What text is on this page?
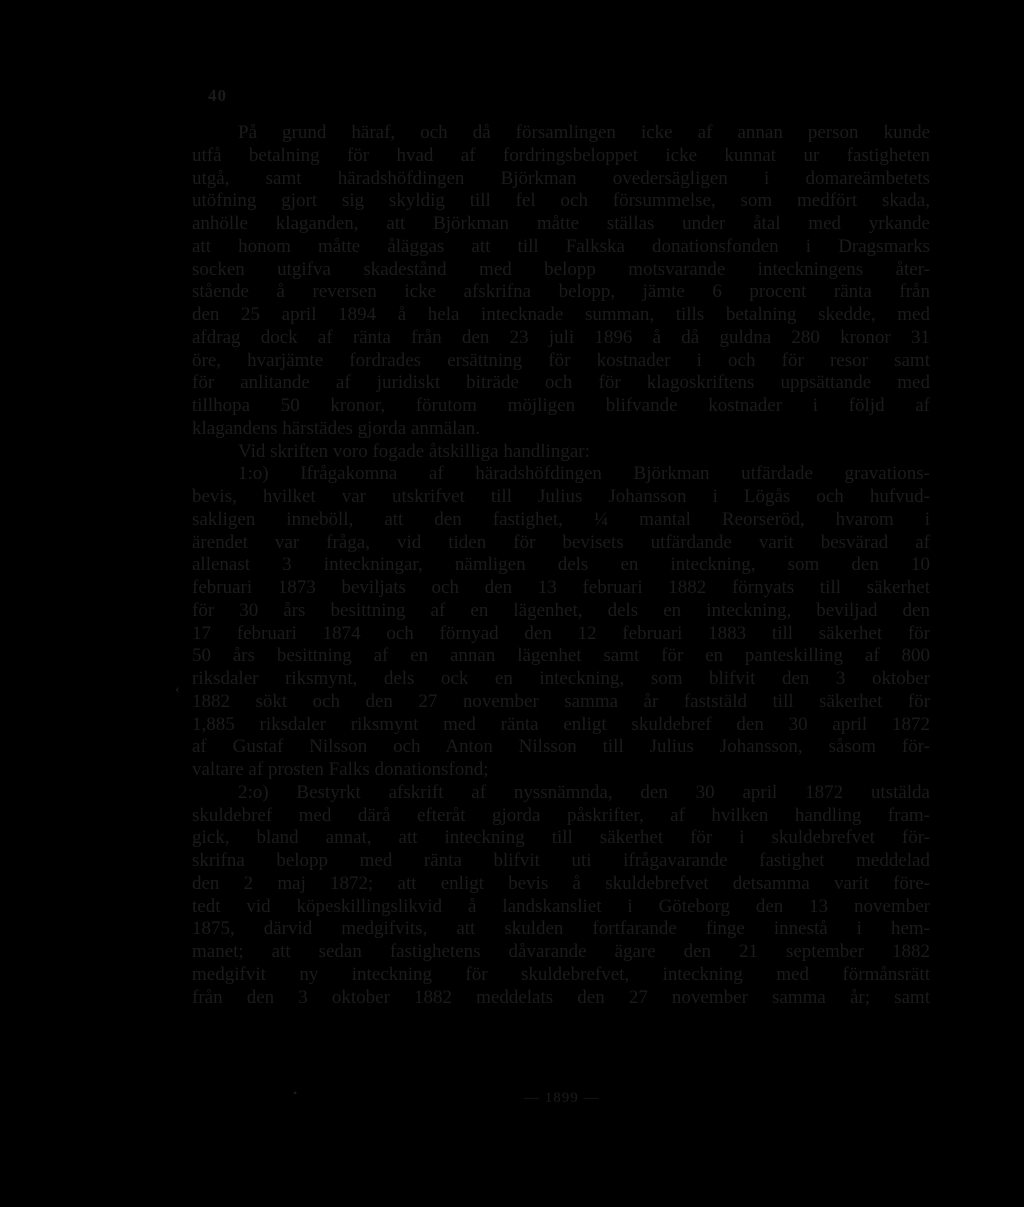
40
På grund häraf, och då församlingen icke af annan person kunde
utfå betalning för hvad af fordringsbeloppet icke kunnat ur fastigheten
utgå, samt häradshöfdingen Björkman ovedersägligen i domareämbetets
utöfning gjort sig skyldig till fel och försummelse, som medfört skada,
anhölle klaganden, att Björkman måtte ställas under åtal med yrkande
att honom måtte åläggas att till Falkska donationsfonden i Dragsmarks
socken utgifva skadestånd med belopp motsvarande inteckningens åter-
stående å reversen icke afskrifna belopp, jämte 6 procent ränta från
den 25 april 1894 å hela intecknade summan, tills betalning skedde, med
afdrag dock af ränta från den 23 juli 1896 å då guldna 280 kronor 31
öre, hvarjämte fordrades ersättning för kostnader i och för resor samt
för anlitande af juridiskt biträde och för klagoskriftens uppsättande med
tillhopa 50 kronor, förutom möjligen blifvande kostnader i följd af
klagandens härstädes gjorda anmälan.
Vid skriften voro fogade åtskilliga handlingar:
1:o) Ifrågakomna af häradshöfdingen Björkman utfärdade gravations-
bevis, hvilket var utskrifvet till Julius Johansson i Lögås och hufvud-
sakligen inneböll, att den fastighet, ¼ mantal Reorseröd, hvarom i
ärendet var fråga, vid tiden för bevisets utfärdande varit besvärad af
allenast 3 inteckningar, nämligen dels en inteckning, som den 10
februari 1873 beviljats och den 13 februari 1882 förnyats till säkerhet
för 30 års besittning af en lägenhet, dels en inteckning, beviljad den
17 februari 1874 och förnyad den 12 februari 1883 till säkerhet för
50 års besittning af en annan lägenhet samt för en panteskilling af 800
riksdaler riksmynt, dels ock en inteckning, som blifvit den 3 oktober
1882 sökt och den 27 november samma år faststäld till säkerhet för
1,885 riksdaler riksmynt med ränta enligt skuldebref den 30 april 1872
af Gustaf Nilsson och Anton Nilsson till Julius Johansson, såsom för-
valtare af prosten Falks donationsfond;
2:o) Bestyrkt afskrift af nyssnämnda, den 30 april 1872 utstälda
skuldebref med därå efteråt gjorda påskrifter, af hvilken handling fram-
gick, bland annat, att inteckning till säkerhet för i skuldebrefvet för-
skrifna belopp med ränta blifvit uti ifrågavarande fastighet meddelad
den 2 maj 1872; att enligt bevis å skuldebrefvet detsamma varit före-
tedt vid köpeskillingslikvid å landskansliet i Göteborg den 13 november
1875, därvid medgifvits, att skulden fortfarande finge innestå i hem-
manet; att sedan fastighetens dåvarande ägare den 21 september 1882
medgifvit ny inteckning för skuldebrefvet, inteckning med förmånsrätt
från den 3 oktober 1882 meddelats den 27 november samma år; samt
‹
•	— 1899 —
